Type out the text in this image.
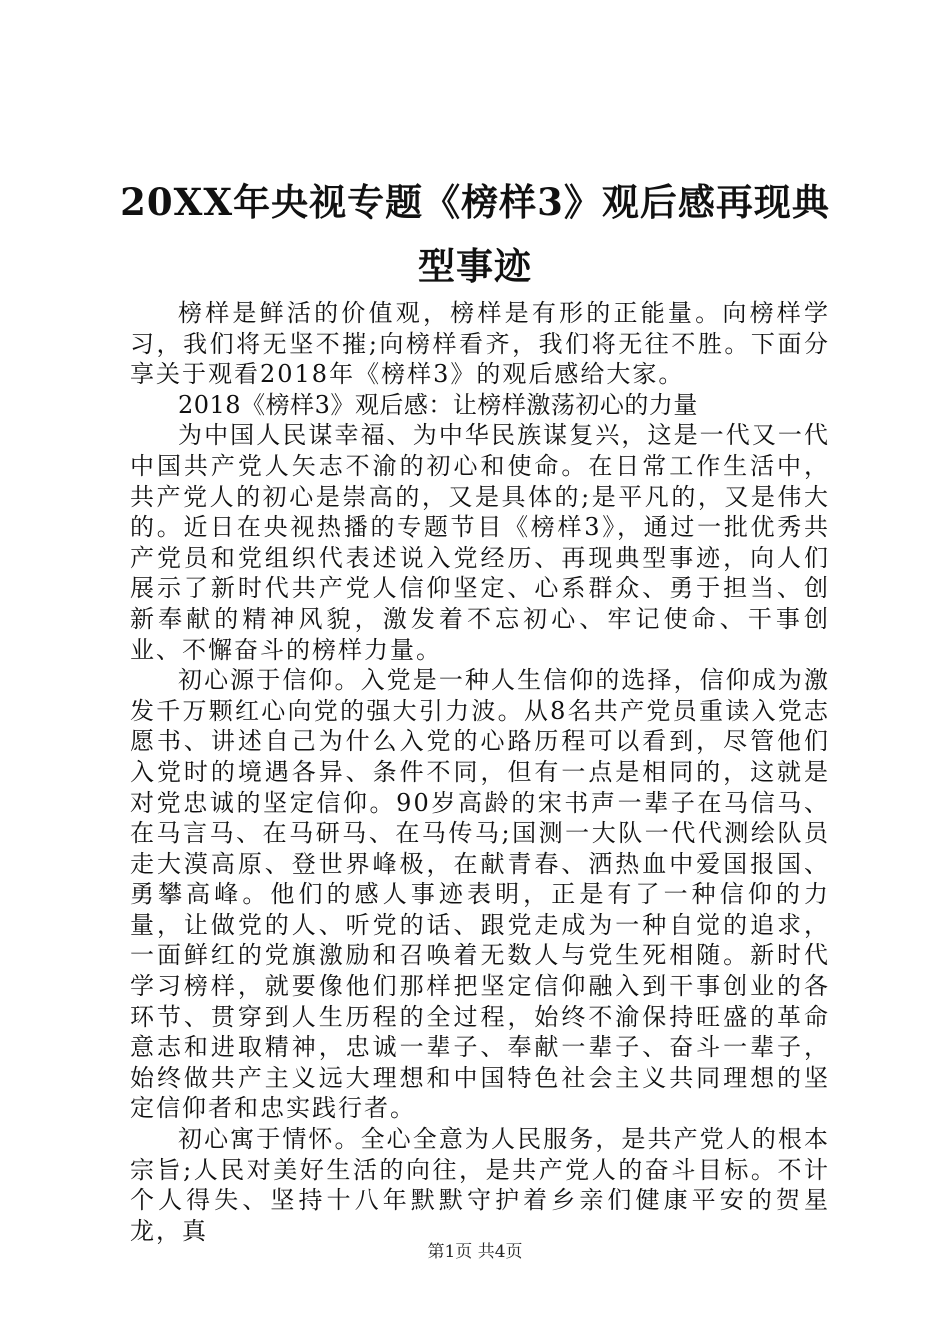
20XX年央视专题《榜样3》观后感再现典型事迹

榜样是鲜活的价值观，榜样是有形的正能量。向榜样学习，我们将无坚不摧;向榜样看齐，我们将无往不胜。下面分享关于观看2018年《榜样3》的观后感给大家。

2018《榜样3》观后感：让榜样激荡初心的力量

为中国人民谋幸福、为中华民族谋复兴，这是一代又一代中国共产党人矢志不渝的初心和使命。在日常工作生活中，共产党人的初心是崇高的，又是具体的;是平凡的，又是伟大的。近日在央视热播的专题节目《榜样3》，通过一批优秀共产党员和党组织代表述说入党经历、再现典型事迹，向人们展示了新时代共产党人信仰坚定、心系群众、勇于担当、创新奉献的精神风貌，激发着不忘初心、牢记使命、干事创业、不懈奋斗的榜样力量。

初心源于信仰。入党是一种人生信仰的选择，信仰成为激发千万颗红心向党的强大引力波。从8名共产党员重读入党志愿书、讲述自己为什么入党的心路历程可以看到，尽管他们入党时的境遇各异、条件不同，但有一点是相同的，这就是对党忠诚的坚定信仰。90岁高龄的宋书声一辈子在马信马、在马言马、在马研马、在马传马;国测一大队一代代测绘队员走大漠高原、登世界峰极，在献青春、洒热血中爱国报国、勇攀高峰。他们的感人事迹表明，正是有了一种信仰的力量，让做党的人、听党的话、跟党走成为一种自觉的追求，一面鲜红的党旗激励和召唤着无数人与党生死相随。新时代学习榜样，就要像他们那样把坚定信仰融入到干事创业的各环节、贯穿到人生历程的全过程，始终不渝保持旺盛的革命意志和进取精神，忠诚一辈子、奉献一辈子、奋斗一辈子，始终做共产主义远大理想和中国特色社会主义共同理想的坚定信仰者和忠实践行者。

初心寓于情怀。全心全意为人民服务，是共产党人的根本宗旨;人民对美好生活的向往，是共产党人的奋斗目标。不计个人得失、坚持十八年默默守护着乡亲们健康平安的贺星龙，真

第1页 共4页
